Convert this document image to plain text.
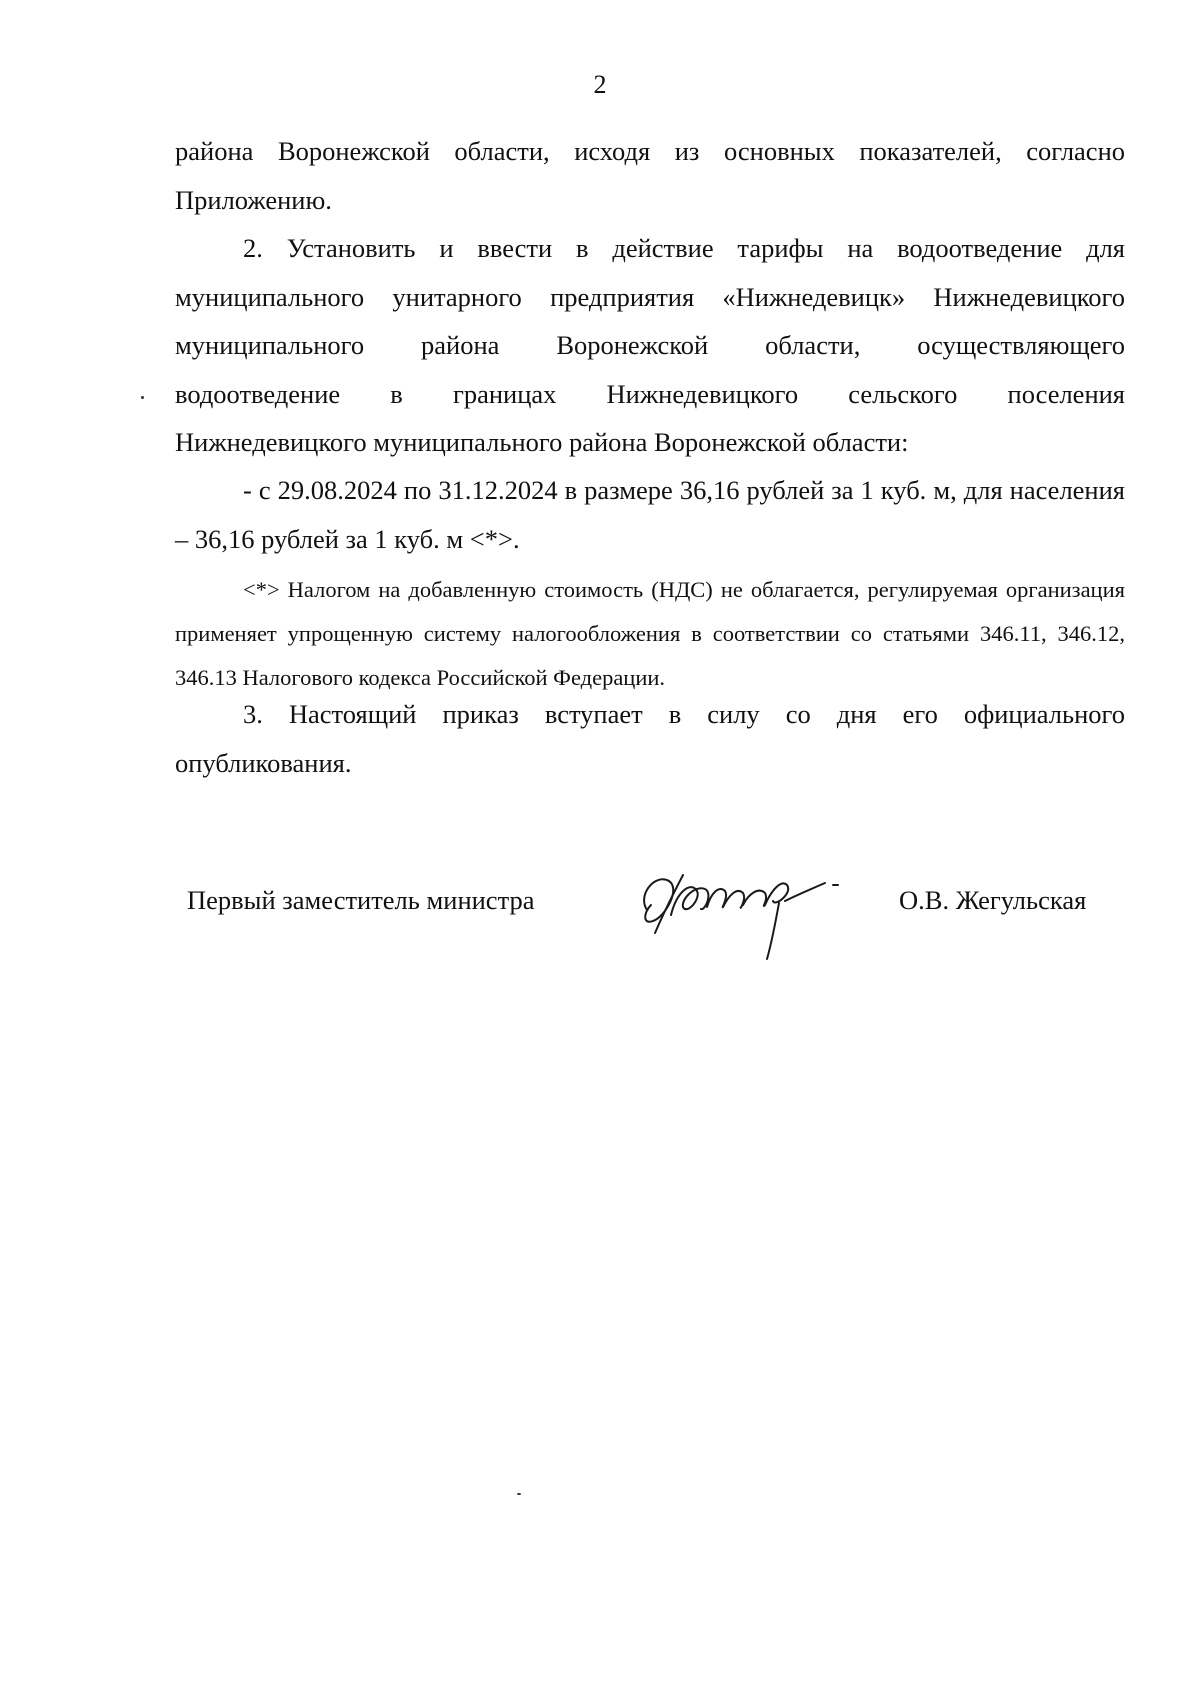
2
района Воронежской области, исходя из основных показателей, согласно Приложению.
2. Установить и ввести в действие тарифы на водоотведение для
муниципального унитарного предприятия «Нижнедевицк» Нижнедевицкого
муниципального района Воронежской области, осуществляющего
водоотведение в границах Нижнедевицкого сельского поселения
Нижнедевицкого муниципального района Воронежской области:
- с 29.08.2024 по 31.12.2024 в размере 36,16 рублей за 1 куб. м, для населения – 36,16 рублей за 1 куб. м <*>.
<*> Налогом на добавленную стоимость (НДС) не облагается, регулируемая организация применяет упрощенную систему налогообложения в соответствии со статьями 346.11, 346.12, 346.13 Налогового кодекса Российской Федерации.
3. Настоящий приказ вступает в силу со дня его официального опубликования.
Первый заместитель министра	О.В. Жегульская
